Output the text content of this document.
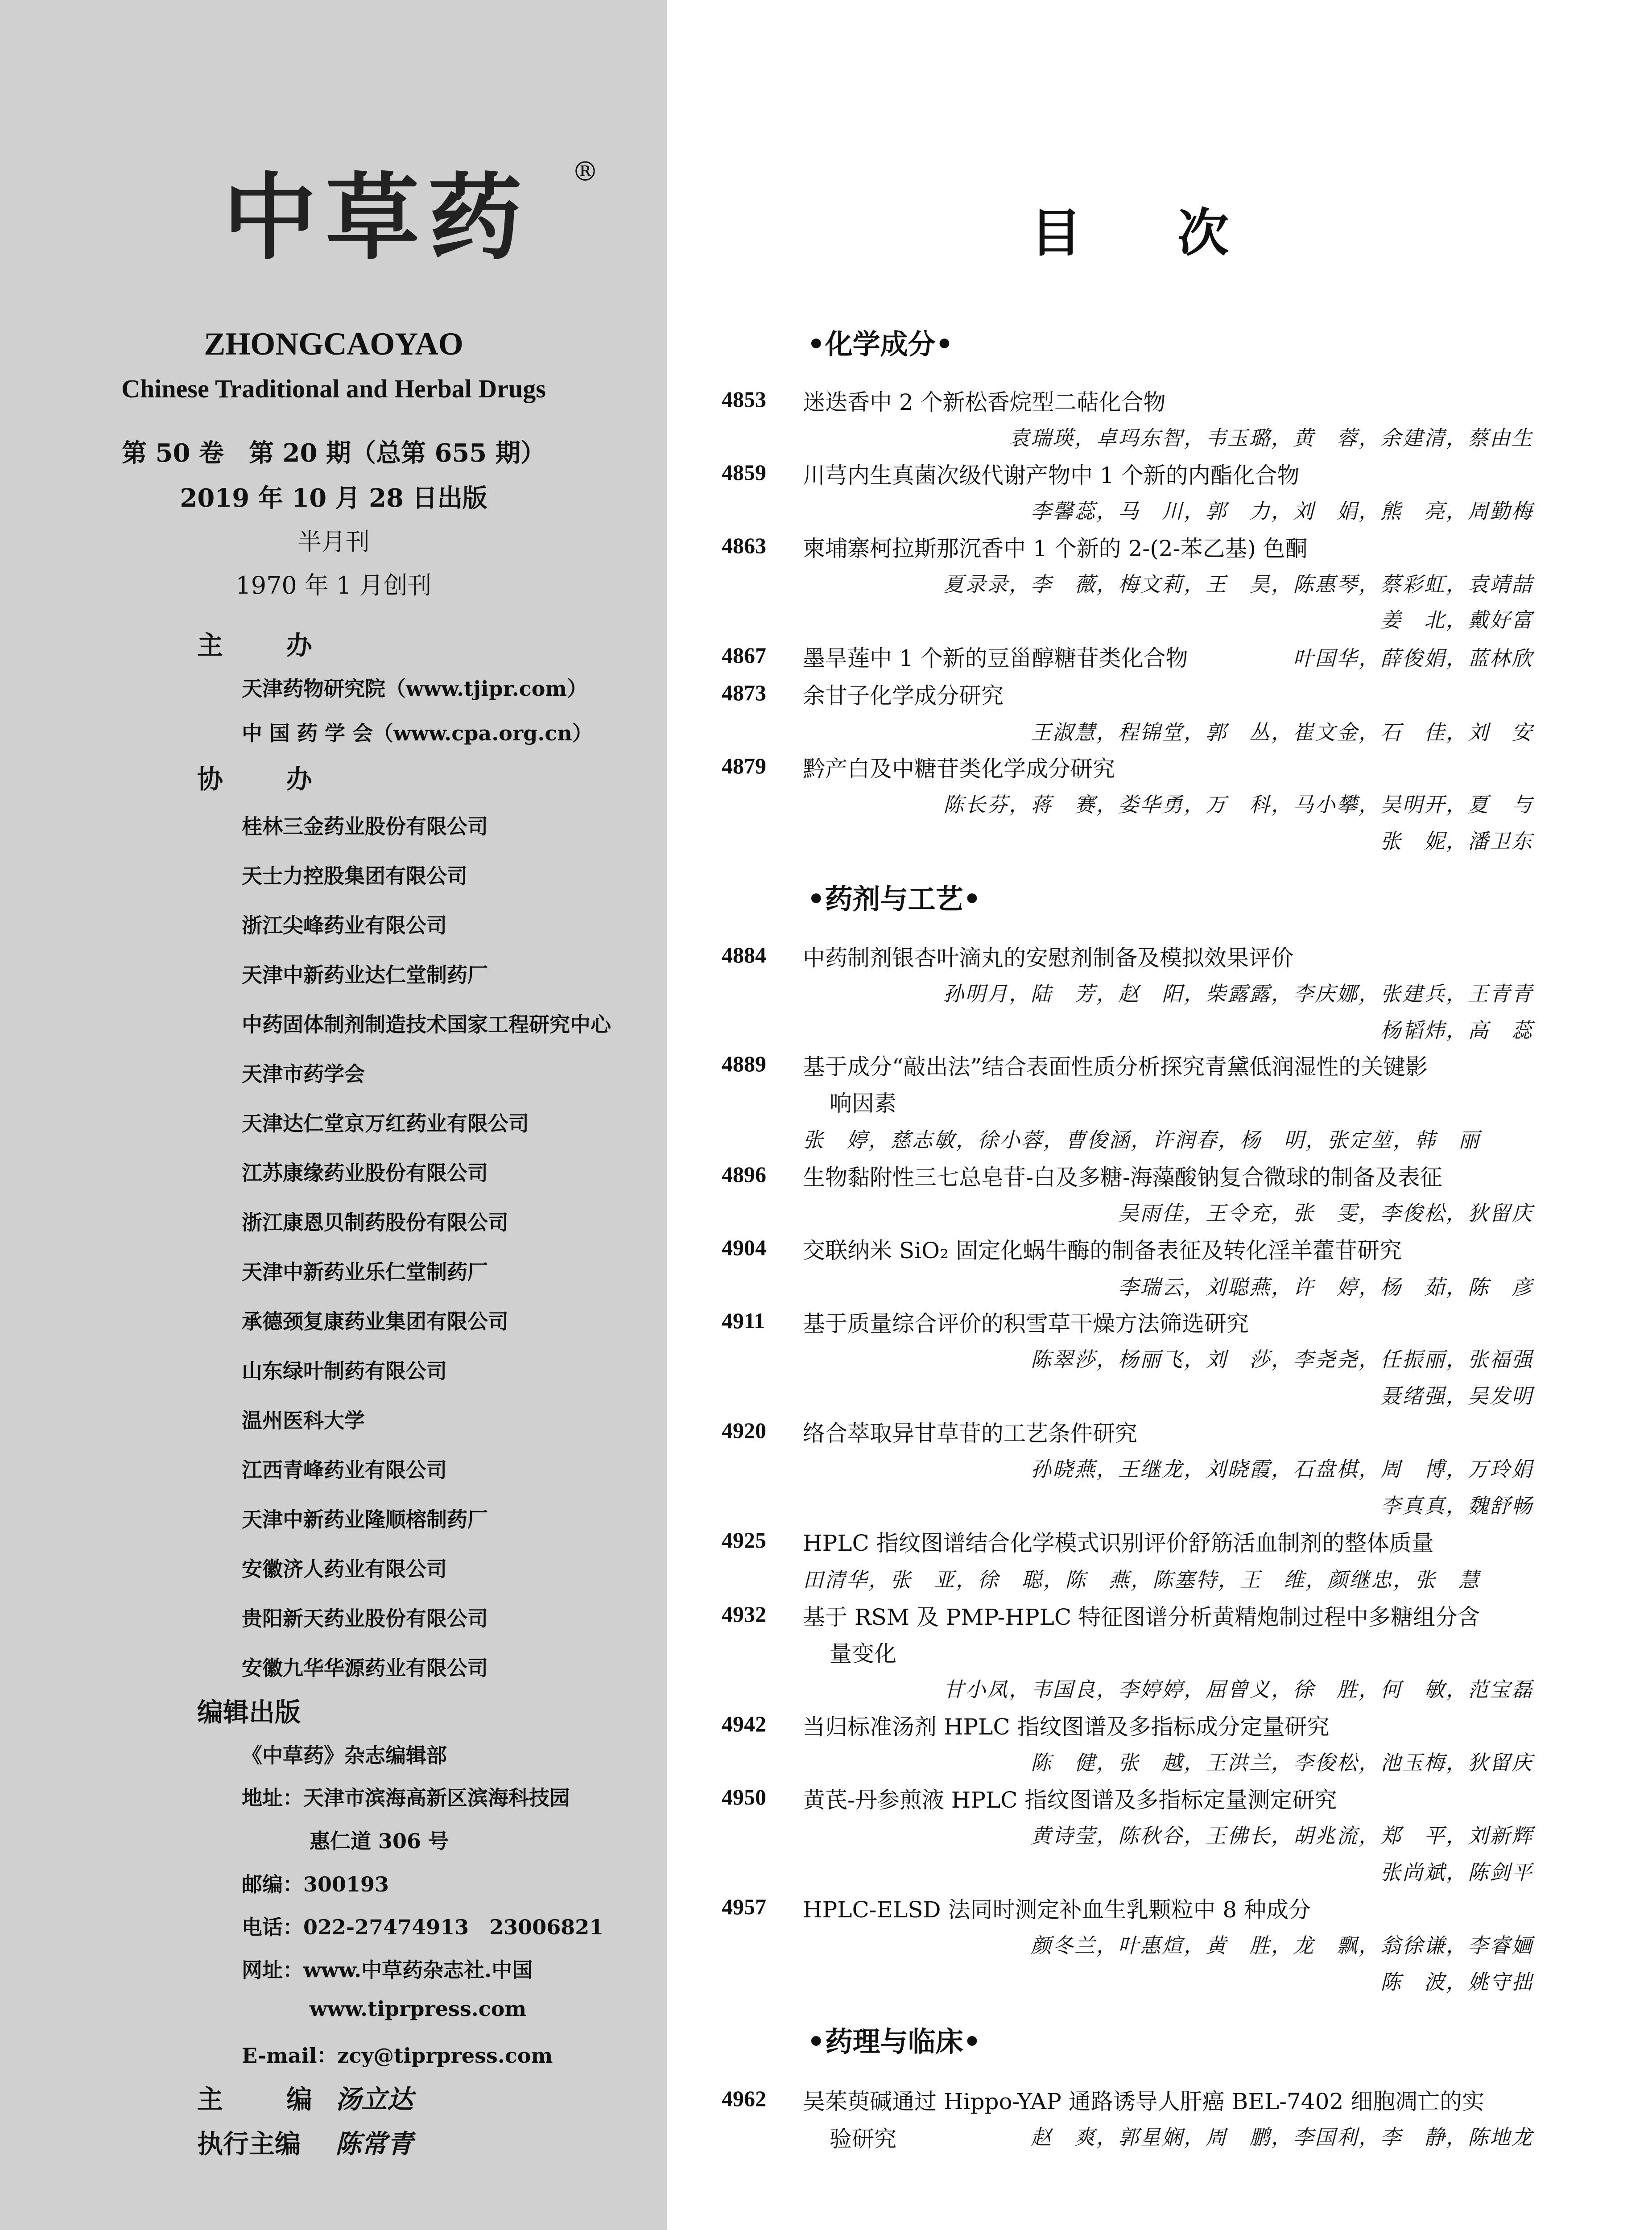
中草药 ®
ZHONGCAOYAO
Chinese Traditional and Herbal Drugs
第 50 卷　第 20 期（总第 655 期）
2019 年 10 月 28 日出版
半月刊
1970 年 1 月创刊
主 办
天津药物研究院（www.tjipr.com）
中 国 药 学 会（www.cpa.org.cn）
协 办
桂林三金药业股份有限公司
天士力控股集团有限公司
浙江尖峰药业有限公司
天津中新药业达仁堂制药厂
中药固体制剂制造技术国家工程研究中心
天津市药学会
天津达仁堂京万红药业有限公司
江苏康缘药业股份有限公司
浙江康恩贝制药股份有限公司
天津中新药业乐仁堂制药厂
承德颈复康药业集团有限公司
山东绿叶制药有限公司
温州医科大学
江西青峰药业有限公司
天津中新药业隆顺榕制药厂
安徽济人药业有限公司
贵阳新天药业股份有限公司
安徽九华华源药业有限公司
编辑出版
《中草药》杂志编辑部
地址：天津市滨海高新区滨海科技园
惠仁道 306 号
邮编：300193
电话：022-27474913　23006821
网址：www.中草药杂志社.中国
www.tiprpress.com
E-mail：zcy@tiprpress.com
主 编 汤立达
执行主编 陈常青
目 次
•化学成分•
4853 迷迭香中 2 个新松香烷型二萜化合物
袁瑞瑛，卓玛东智，韦玉璐，黄　蓉，余建清，蔡由生
4859 川芎内生真菌次级代谢产物中 1 个新的内酯化合物
李馨蕊，马　川，郭　力，刘　娟，熊　亮，周勤梅
4863 柬埔寨柯拉斯那沉香中 1 个新的 2-(2-苯乙基) 色酮
夏录录，李　薇，梅文莉，王　昊，陈惠琴，蔡彩虹，袁靖喆
姜　北，戴好富
4867 墨旱莲中 1 个新的豆甾醇糖苷类化合物	叶国华，薛俊娟，蓝林欣
4873 余甘子化学成分研究
王淑慧，程锦堂，郭　丛，崔文金，石　佳，刘　安
4879 黔产白及中糖苷类化学成分研究
陈长芬，蒋　赛，娄华勇，万　科，马小攀，吴明开，夏　与
张　妮，潘卫东
•药剂与工艺•
4884 中药制剂银杏叶滴丸的安慰剂制备及模拟效果评价
孙明月，陆　芳，赵　阳，柴露露，李庆娜，张建兵，王青青
杨韬炜，高　蕊
4889 基于成分“敲出法”结合表面性质分析探究青黛低润湿性的关键影
响因素
张　婷，慈志敏，徐小蓉，曹俊涵，许润春，杨　明，张定堃，韩　丽
4896 生物黏附性三七总皂苷-白及多糖-海藻酸钠复合微球的制备及表征
吴雨佳，王令充，张　雯，李俊松，狄留庆
4904 交联纳米 SiO₂ 固定化蜗牛酶的制备表征及转化淫羊藿苷研究
李瑞云，刘聪燕，许　婷，杨　茹，陈　彦
4911 基于质量综合评价的积雪草干燥方法筛选研究
陈翠莎，杨丽飞，刘　莎，李尧尧，任振丽，张福强
聂绪强，吴发明
4920 络合萃取异甘草苷的工艺条件研究
孙晓燕，王继龙，刘晓霞，石盘棋，周　博，万玲娟
李真真，魏舒畅
4925 HPLC 指纹图谱结合化学模式识别评价舒筋活血制剂的整体质量
田清华，张　亚，徐　聪，陈　燕，陈塞特，王　维，颜继忠，张　慧
4932 基于 RSM 及 PMP-HPLC 特征图谱分析黄精炮制过程中多糖组分含
量变化
甘小凤，韦国良，李婷婷，屈曾义，徐　胜，何　敏，范宝磊
4942 当归标准汤剂 HPLC 指纹图谱及多指标成分定量研究
陈　健，张　越，王洪兰，李俊松，池玉梅，狄留庆
4950 黄芪-丹参煎液 HPLC 指纹图谱及多指标定量测定研究
黄诗莹，陈秋谷，王佛长，胡兆流，郑　平，刘新辉
张尚斌，陈剑平
4957 HPLC-ELSD 法同时测定补血生乳颗粒中 8 种成分
颜冬兰，叶惠煊，黄　胜，龙　飘，翁徐谦，李睿婳
陈　波，姚守拙
•药理与临床•
4962 吴茱萸碱通过 Hippo-YAP 通路诱导人肝癌 BEL-7402 细胞凋亡的实
验研究	赵　爽，郭星娴，周　鹏，李国利，李　静，陈地龙
